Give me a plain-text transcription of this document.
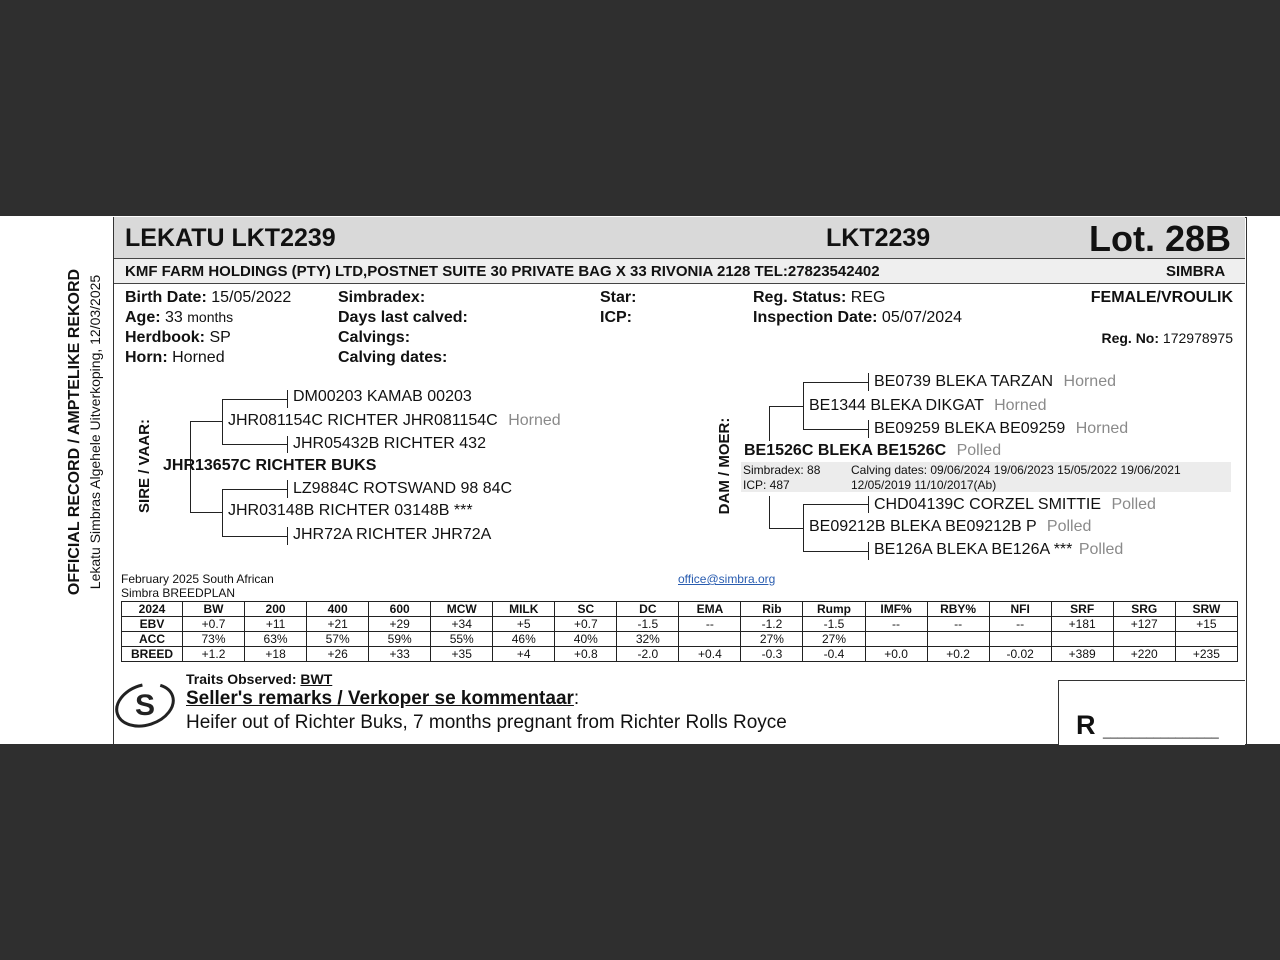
OFFICIAL RECORD / AMPTELIKE REKORD Lekatu Simbras Algehele Uitverkoping, 12/03/2025
LEKATU LKT2239	LKT2239	Lot. 28B
KMF FARM HOLDINGS (PTY) LTD,POSTNET SUITE 30 PRIVATE BAG X 33 RIVONIA 2128 TEL:27823542402	SIMBRA
Birth Date: 15/05/2022
Age: 33 months
Herdbook: SP
Horn: Horned
Simbradex:
Days last calved:
Calvings:
Calving dates:
Star:
ICP:
Reg. Status: REG
Inspection Date: 05/07/2024
FEMALE/VROULIK
Reg. No: 172978975
SIRE / VAAR:
DM00203 KAMAB 00203
JHR081154C RICHTER JHR081154C Horned
JHR05432B RICHTER 432
JHR13657C RICHTER BUKS
LZ9884C ROTSWAND 98 84C
JHR03148B RICHTER 03148B ***
JHR72A RICHTER JHR72A
DAM / MOER:
BE0739 BLEKA TARZAN Horned
BE1344 BLEKA DIKGAT Horned
BE09259 BLEKA BE09259 Horned
BE1526C BLEKA BE1526C Polled
Simbradex: 88
ICP: 487
Calving dates: 09/06/2024 19/06/2023 15/05/2022 19/06/2021
12/05/2019 11/10/2017(Ab)
CHD04139C CORZEL SMITTIE Polled
BE09212B BLEKA BE09212B P Polled
BE126A BLEKA BE126A *** Polled
February 2025 South African
Simbra BREEDPLAN
office@simbra.org
2024	BW	200	400	600	MCW	MILK	SC	DC	EMA	Rib	Rump	IMF%	RBY%	NFI	SRF	SRG	SRW
EBV	+0.7	+11	+21	+29	+34	+5	+0.7	-1.5	--	-1.2	-1.5	--	--	--	+181	+127	+15
ACC	73%	63%	57%	59%	55%	46%	40%	32%		27%	27%						
BREED	+1.2	+18	+26	+33	+35	+4	+0.8	-2.0	+0.4	-0.3	-0.4	+0.0	+0.2	-0.02	+389	+220	+235
S
Traits Observed: BWT
Seller's remarks / Verkoper se kommentaar:
Heifer out of Richter Buks, 7 months pregnant from Richter Rolls Royce	R ________________
